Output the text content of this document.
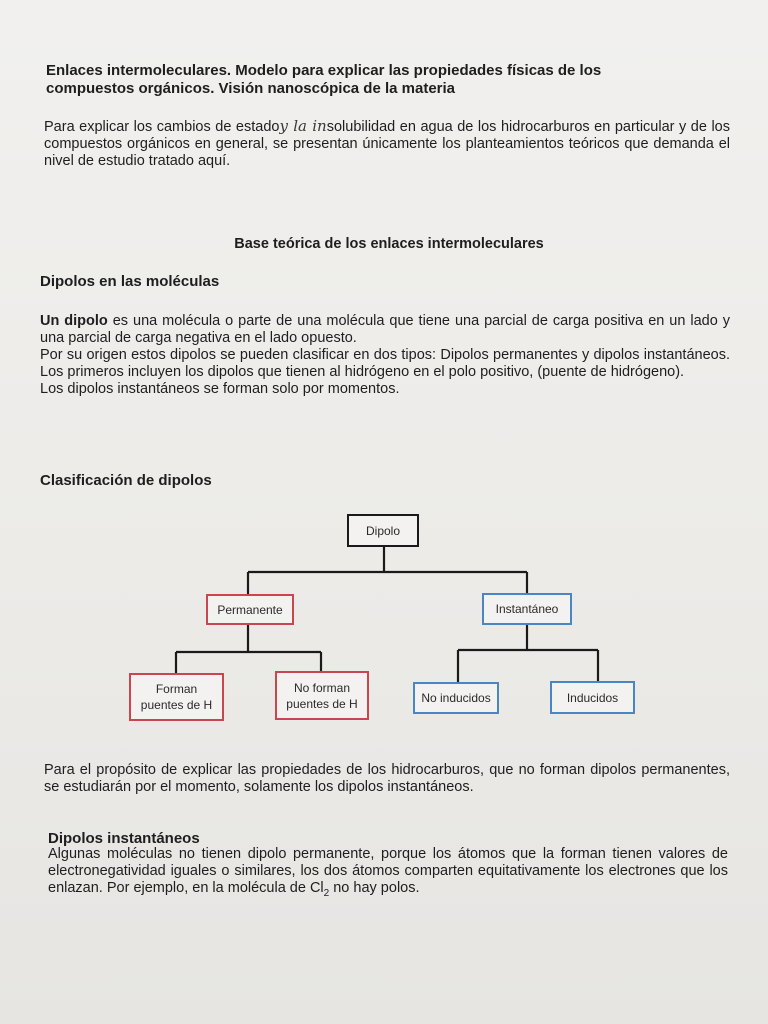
Enlaces intermoleculares. Modelo para explicar las propiedades físicas de los
compuestos orgánicos. Visión nanoscópica de la materia
Para explicar los cambios de estadoy la insolubilidad en agua de los hidrocarburos en particular y de los compuestos orgánicos en general, se presentan únicamente los planteamientos teóricos que demanda el nivel de estudio tratado aquí.
Base teórica de los enlaces intermoleculares
Dipolos en las moléculas

Un dipolo es una molécula o parte de una molécula que tiene una parcial de carga positiva en un lado y una parcial de carga negativa en el lado opuesto.

Por su origen estos dipolos se pueden clasificar en dos tipos: Dipolos permanentes y dipolos instantáneos. Los primeros incluyen los dipolos que tienen al hidrógeno en el polo positivo, (puente de hidrógeno).

Los dipolos instantáneos se forman solo por momentos.

Clasificación de dipolos
Dipolo
Permanente	Instantáneo
Forman
puentes de H
No forman
puentes de H	No inducidos	Inducidos
Para el propósito de explicar las propiedades de los hidrocarburos, que no forman dipolos permanentes, se estudiarán por el momento, solamente los dipolos instantáneos.
Dipolos instantáneos
Algunas moléculas no tienen dipolo permanente, porque los átomos que la forman tienen valores de electronegatividad iguales o similares, los dos átomos comparten equitativamente los electrones que los enlazan. Por ejemplo, en la molécula de $Cl_2$ no hay polos.
